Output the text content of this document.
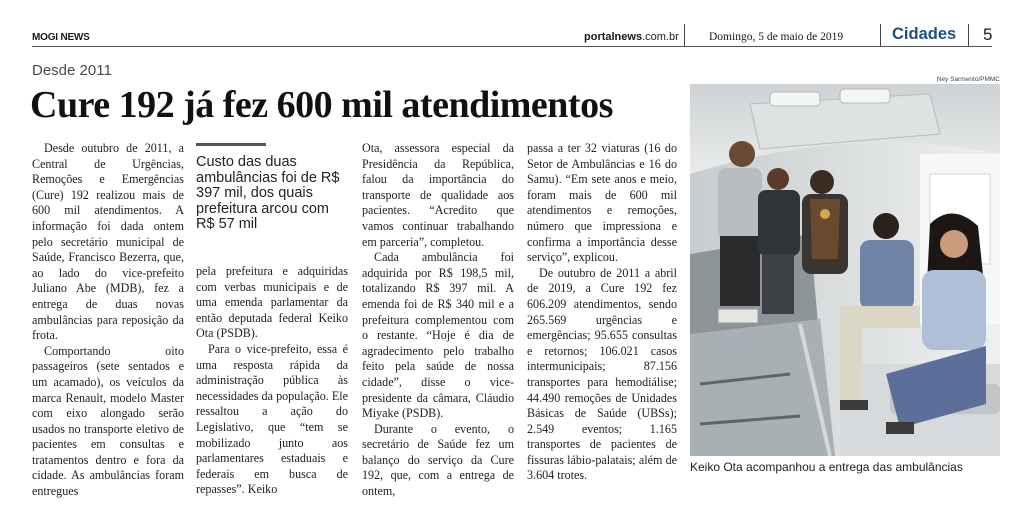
MOGI NEWS	portalnews.com.br	Domingo, 5 de maio de 2019	Cidades 5
Desde 2011
Cure 192 já fez 600 mil atendimentos

Desde outubro de 2011, a Central de Urgências, Remoções e Emergências (Cure) 192 realizou mais de 600 mil atendimentos. A informação foi dada ontem pelo secretário municipal de Saúde, Francisco Bezerra, que, ao lado do vice-prefeito Juliano Abe (MDB), fez a entrega de duas novas ambulâncias para reposição da frota.

Comportando oito passageiros (sete sentados e um acamado), os veículos da marca Renault, modelo Master com eixo alongado serão usados no transporte eletivo de pacientes em consultas e tratamentos dentro e fora da cidade. As ambulâncias foram entregues

Custo das duas ambulâncias foi de R$ 397 mil, dos quais prefeitura arcou com R$ 57 mil

pela prefeitura e adquiridas com verbas municipais e de uma emenda parlamentar da então deputada federal Keiko Ota (PSDB).

Para o vice-prefeito, essa é uma resposta rápida da administração pública às necessidades da população. Ele ressaltou a ação do Legislativo, que “tem se mobilizado junto aos parlamentares estaduais e federais em busca de repasses”. Keiko

Ota, assessora especial da Presidência da República, falou da importância do transporte de qualidade aos pacientes. “Acredito que vamos continuar trabalhando em parceria”, completou.

Cada ambulância foi adquirida por R$ 198,5 mil, totalizando R$ 397 mil. A emenda foi de R$ 340 mil e a prefeitura complementou com o restante. “Hoje é dia de agradecimento pelo trabalho feito pela saúde de nossa cidade”, disse o vice-presidente da câmara, Cláudio Miyake (PSDB).

Durante o evento, o secretário de Saúde fez um balanço do serviço da Cure 192, que, com a entrega de ontem,

passa a ter 32 viaturas (16 do Setor de Ambulâncias e 16 do Samu). “Em sete anos e meio, foram mais de 600 mil atendimentos e remoções, número que impressiona e confirma a importância desse serviço”, explicou.

De outubro de 2011 a abril de 2019, a Cure 192 fez 606.209 atendimentos, sendo 265.569 urgências e emergências; 95.655 consultas e retornos; 106.021 casos intermunicipais; 87.156 transportes para hemodiálise; 44.490 remoções de Unidades Básicas de Saúde (UBSs); 2.549 eventos; 1.165 transportes de pacientes de fissuras lábio-palatais; além de 3.604 trotes.

Ney Sarmento/PMMC
Keiko Ota acompanhou a entrega das ambulâncias
